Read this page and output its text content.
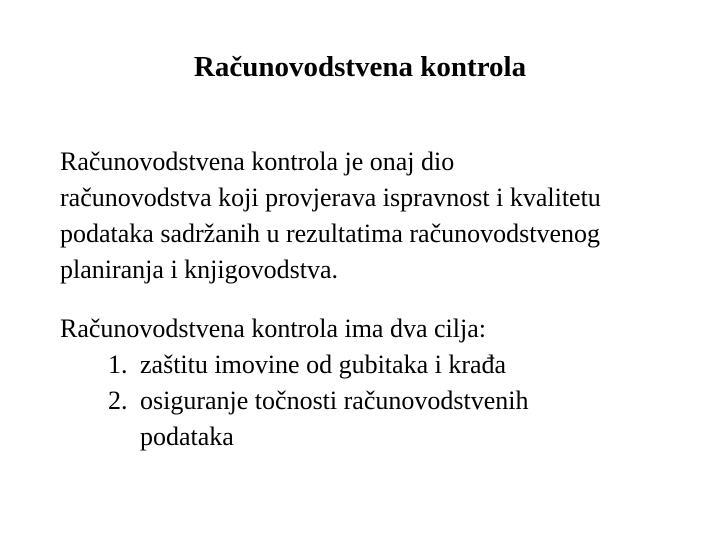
Računovodstvena kontrola

Računovodstvena kontrola je onaj dio
računovodstva koji provjerava ispravnost i kvalitetu
podataka sadržanih u rezultatima računovodstvenog
planiranja i knjigovodstva.

Računovodstvena kontrola ima dva cilja:

1. zaštitu imovine od gubitaka i krađa
2. osiguranje točnosti računovodstvenih
podataka
